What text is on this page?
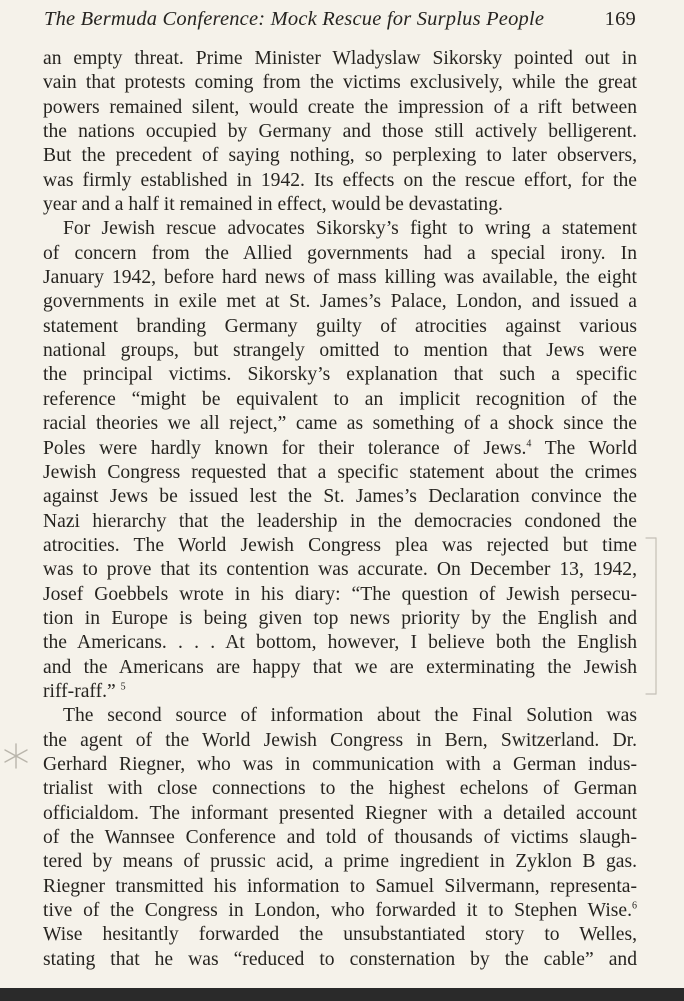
The Bermuda Conference: Mock Rescue for Surplus People	169
an empty threat. Prime Minister Wladyslaw Sikorsky pointed out in
vain that protests coming from the victims exclusively, while the great
powers remained silent, would create the impression of a rift between
the nations occupied by Germany and those still actively belligerent.
But the precedent of saying nothing, so perplexing to later observers,
was firmly established in 1942. Its effects on the rescue effort, for the
year and a half it remained in effect, would be devastating.
For Jewish rescue advocates Sikorsky’s fight to wring a statement
of concern from the Allied governments had a special irony. In
January 1942, before hard news of mass killing was available, the eight
governments in exile met at St. James’s Palace, London, and issued a
statement branding Germany guilty of atrocities against various
national groups, but strangely omitted to mention that Jews were
the principal victims. Sikorsky’s explanation that such a specific
reference “might be equivalent to an implicit recognition of the
racial theories we all reject,” came as something of a shock since the
Poles were hardly known for their tolerance of Jews.$^4$ The World
Jewish Congress requested that a specific statement about the crimes
against Jews be issued lest the St. James’s Declaration convince the
Nazi hierarchy that the leadership in the democracies condoned the
atrocities. The World Jewish Congress plea was rejected but time
was to prove that its contention was accurate. On December 13, 1942,
Josef Goebbels wrote in his diary: “The question of Jewish persecu-
tion in Europe is being given top news priority by the English and
the Americans. . . . At bottom, however, I believe both the English
and the Americans are happy that we are exterminating the Jewish
riff-raff.” $^5$
The second source of information about the Final Solution was
the agent of the World Jewish Congress in Bern, Switzerland. Dr.
Gerhard Riegner, who was in communication with a German indus-
trialist with close connections to the highest echelons of German
officialdom. The informant presented Riegner with a detailed account
of the Wannsee Conference and told of thousands of victims slaugh-
tered by means of prussic acid, a prime ingredient in Zyklon B gas.
Riegner transmitted his information to Samuel Silvermann, representa-
tive of the Congress in London, who forwarded it to Stephen Wise.$^6$
Wise hesitantly forwarded the unsubstantiated story to Welles,
stating that he was “reduced to consternation by the cable” and
